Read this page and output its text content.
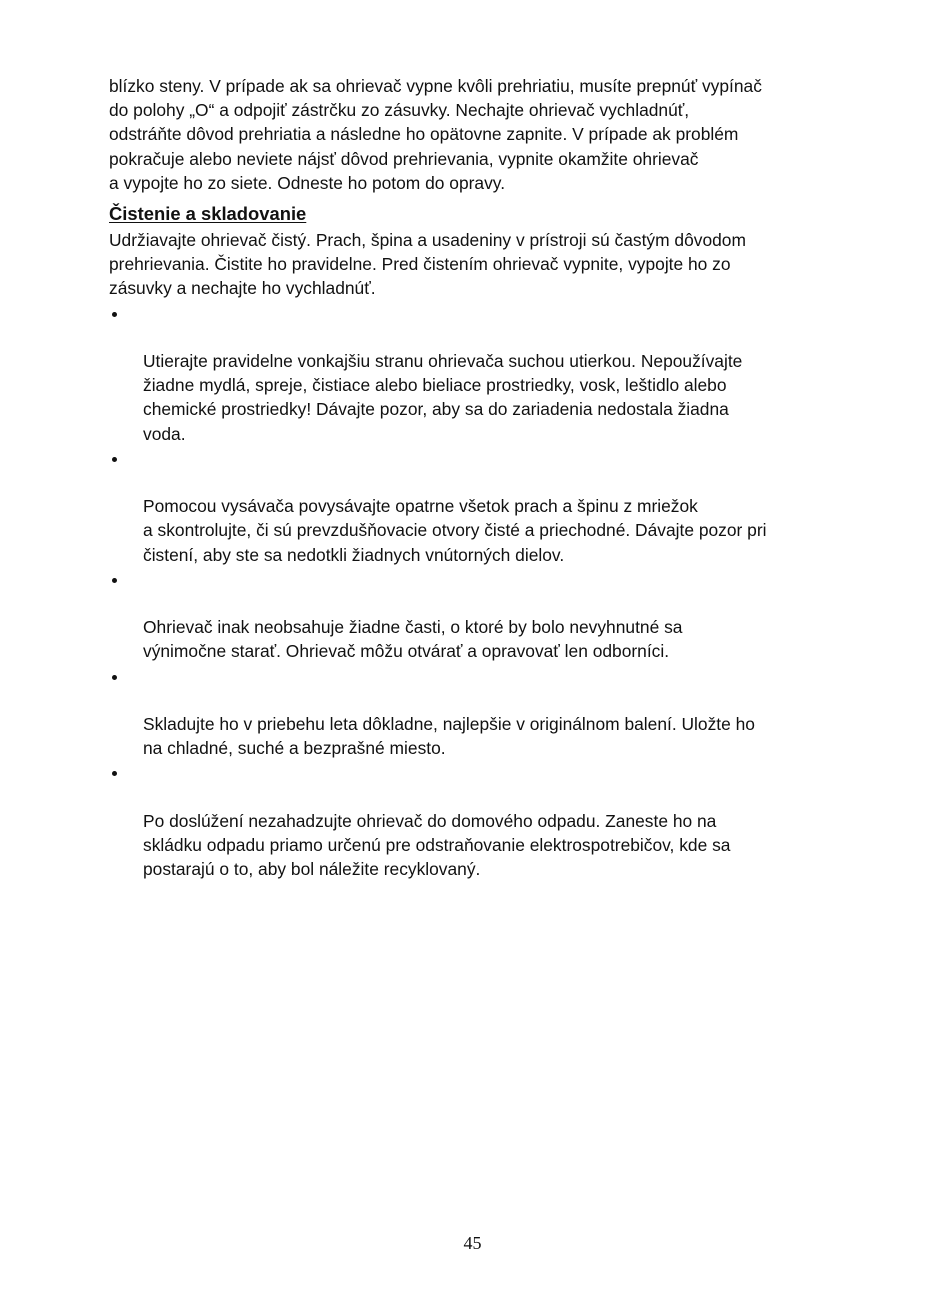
blízko steny. V prípade ak sa ohrievač vypne kvôli prehriatiu, musíte prepnúť vypínač
do polohy „O“ a odpojiť zástrčku zo zásuvky. Nechajte ohrievač vychladnúť,
odstráňte dôvod prehriatia a následne ho opätovne zapnite. V prípade ak problém
pokračuje alebo neviete nájsť dôvod prehrievania, vypnite okamžite ohrievač
a vypojte ho zo siete. Odneste ho potom do opravy.

Čistenie a skladovanie

Udržiavajte ohrievač čistý. Prach, špina a usadeniny v prístroji sú častým dôvodom
prehrievania. Čistite ho pravidelne. Pred čistením ohrievač vypnite, vypojte ho zo
zásuvky a nechajte ho vychladnúť.

Utierajte pravidelne vonkajšiu stranu ohrievača suchou utierkou. Nepoužívajte
žiadne mydlá, spreje, čistiace alebo bieliace prostriedky, vosk, leštidlo alebo
chemické prostriedky! Dávajte pozor, aby sa do zariadenia nedostala žiadna
voda.

Pomocou vysávača povysávajte opatrne všetok prach a špinu z mriežok
a skontrolujte, či sú prevzdušňovacie otvory čisté a priechodné. Dávajte pozor pri
čistení, aby ste sa nedotkli žiadnych vnútorných dielov.

Ohrievač inak neobsahuje žiadne časti, o ktoré by bolo nevyhnutné sa
výnimočne starať. Ohrievač môžu otvárať a opravovať len odborníci.

Skladujte ho v priebehu leta dôkladne, najlepšie v originálnom balení. Uložte ho
na chladné, suché a bezprašné miesto.

Po doslúžení nezahadzujte ohrievač do domového odpadu. Zaneste ho na
skládku odpadu priamo určenú pre odstraňovanie elektrospotrebičov, kde sa
postarajú o to, aby bol náležite recyklovaný.

45
